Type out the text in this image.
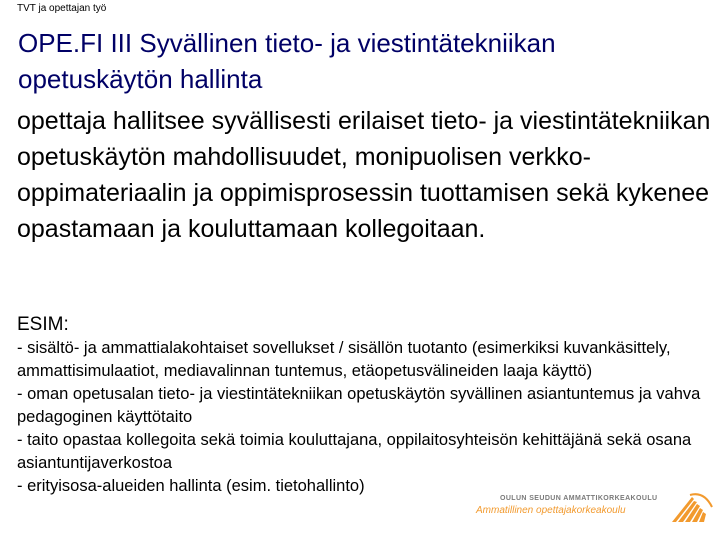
TVT ja opettajan työ
OPE.FI III Syvällinen tieto- ja viestintätekniikan opetuskäytön hallinta

opettaja hallitsee syvällisesti erilaiset tieto- ja viestintätekniikan opetuskäytön mahdollisuudet, monipuolisen verkko-oppimateriaalin ja oppimisprosessin tuottamisen sekä kykenee opastamaan ja kouluttamaan kollegoitaan.

ESIM:

- sisältö- ja ammattialakohtaiset sovellukset / sisällön tuotanto (esimerkiksi kuvankäsittely, ammattisimulaatiot, mediavalinnan tuntemus, etäopetusvälineiden laaja käyttö)
- oman opetusalan tieto- ja viestintätekniikan opetuskäytön syvällinen asiantuntemus ja vahva pedagoginen käyttötaito
- taito opastaa kollegoita sekä toimia kouluttajana, oppilaitosyhteisön kehittäjänä sekä osana asiantuntijaverkostoa
- erityisosa-alueiden hallinta (esim. tietohallinto)
OULUN SEUDUN AMMATTIKORKEAKOULU
Ammatillinen opettajakorkeakoulu
